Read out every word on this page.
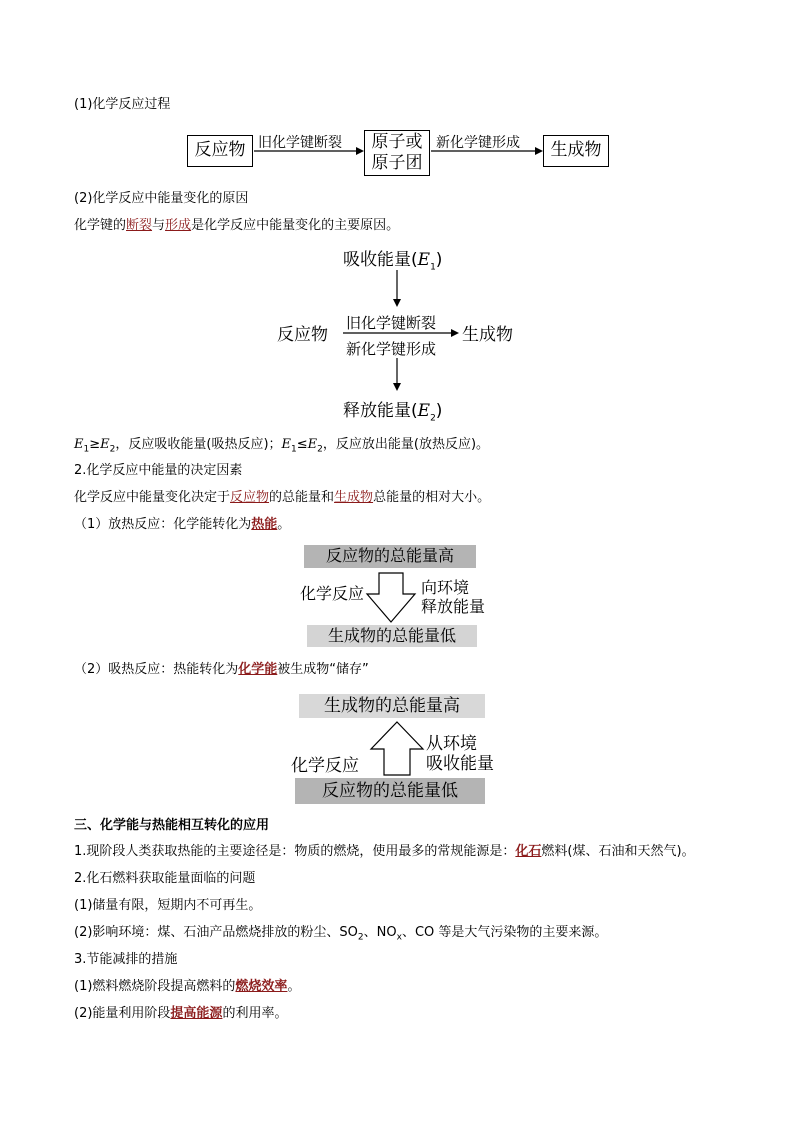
(1)化学反应过程
反应物 旧化学键断裂	原子或
原子团
新化学键形成	生成物
(2)化学反应中能量变化的原因
化学键的断裂与形成是化学反应中能量变化的主要原因。
吸收能量$(E_1)$
反应物
旧化学键断裂
新化学键形成
生成物
释放能量$(E_2)$
$E_1\ge E_2$，反应吸收能量(吸热反应)；$E_1\le E_2$，反应放出能量(放热反应)。
2.化学反应中能量的决定因素
化学反应中能量变化决定于反应物的总能量和生成物总能量的相对大小。
（1）放热反应：化学能转化为热能。
反应物的总能量高
化学反应	向环境
释放能量
生成物的总能量低
（2）吸热反应：热能转化为化学能被生成物“储存”
生成物的总能量高
化学反应
从环境
吸收能量
反应物的总能量低
三、化学能与热能相互转化的应用
1.现阶段人类获取热能的主要途径是：物质的燃烧，使用最多的常规能源是：化石燃料(煤、石油和天然气)。
2.化石燃料获取能量面临的问题
(1)储量有限，短期内不可再生。
(2)影响环境：煤、石油产品燃烧排放的粉尘、$SO_2$、$NO_x$、CO 等是大气污染物的主要来源。
3.节能减排的措施
(1)燃料燃烧阶段提高燃料的燃烧效率。
(2)能量利用阶段提高能源的利用率。
